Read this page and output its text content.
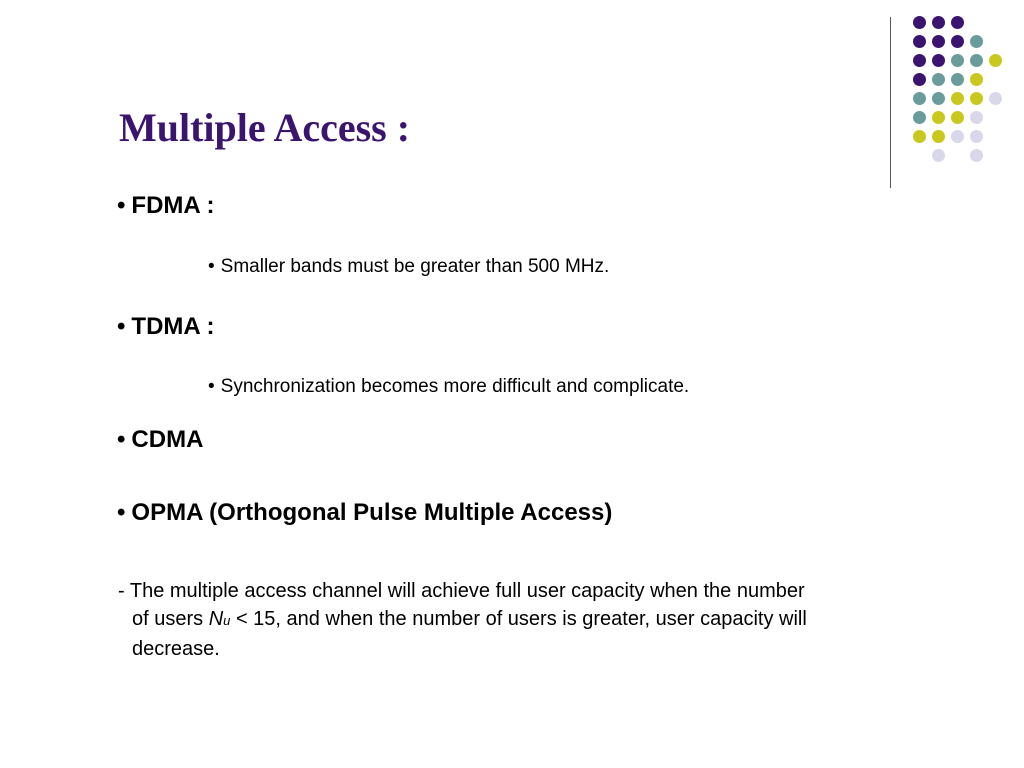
Multiple Access :
• FDMA :
• Smaller bands must be greater than 500 MHz.
• TDMA :
• Synchronization becomes more difficult and complicate.
• CDMA
• OPMA (Orthogonal Pulse Multiple Access)
- The multiple access channel will achieve full user capacity when the number
of users Nu < 15, and when the number of users is greater, user capacity will
decrease.
